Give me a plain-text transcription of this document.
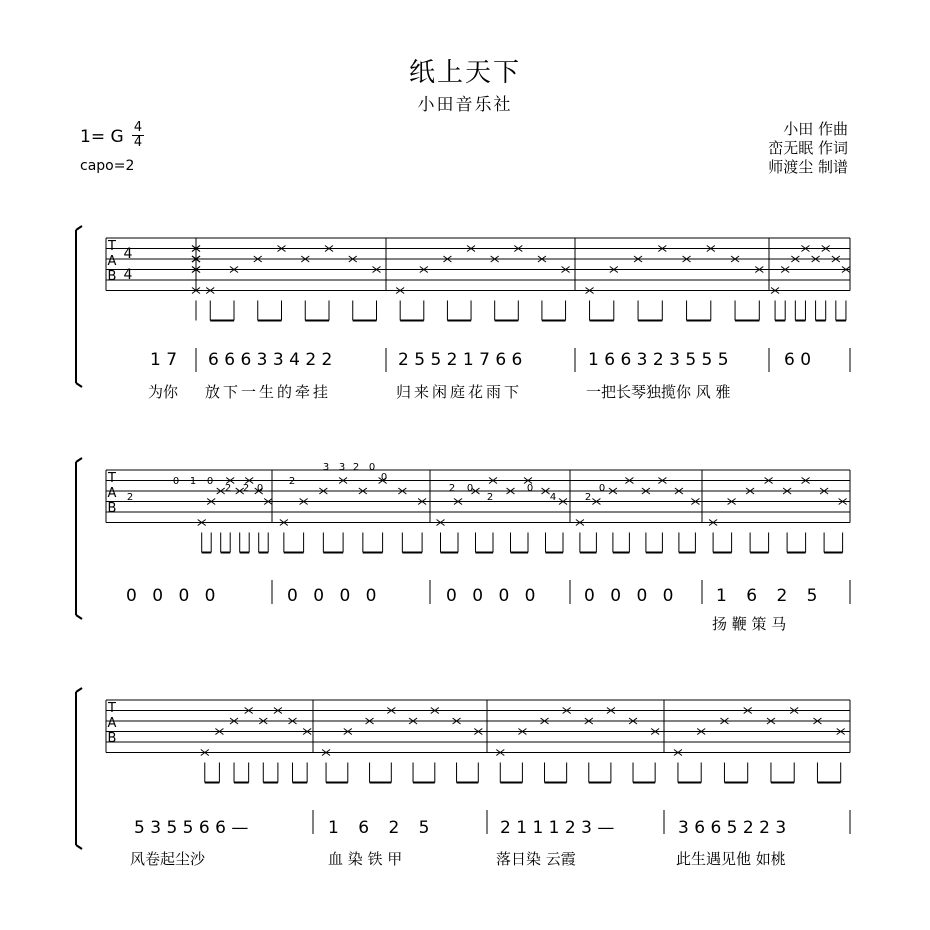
纸上天下
小田音乐社
1= G 4
4
capo=2
小田 作曲
峦无眠 作词
师渡尘 制谱
T
A
B
T
A
B
T
A
B
4
4
2
0 1 0
2 2 0
2
3 3 2 0
0
2 0
2
0
4	2
0
1 7 6 6 6 3 3 4 2 2	2 5 5 2 1 7 6 6	1 6 6 3 2 3 5 5 5	6 0
为你 放下一生的牵挂	归来闲庭花雨下	一把长琴独揽你 风 雅
0 0 0 0	0 0 0 0	0 0 0 0	0 0 0 0	1 6 2 5
扬 鞭 策 马
5 3 5 5 6 6 —	1 6 2 5	2 1 1 1 2 3 —	3 6 6 5 2 2 3
风卷起尘沙	血 染 铁 甲	落日染 云霞	此生遇见他 如桃
